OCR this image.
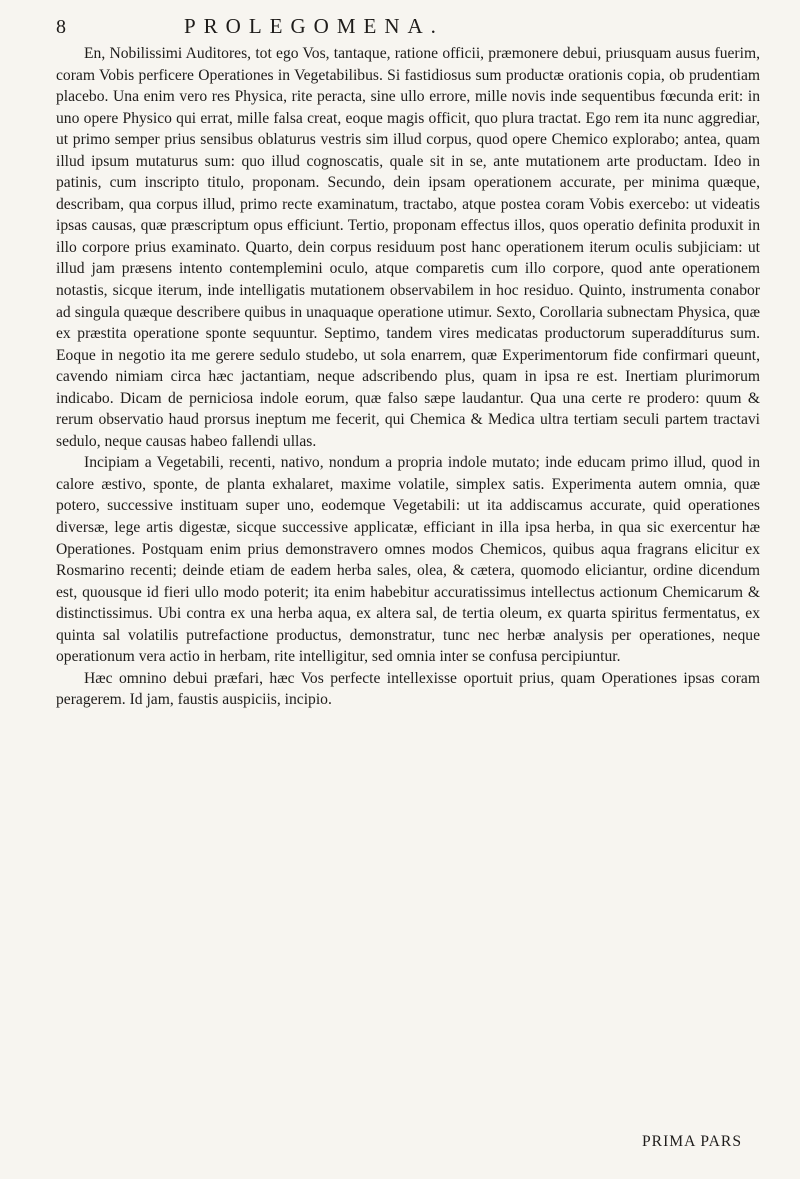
8	PROLEGOMENA.

En, Nobilissimi Auditores, tot ego Vos, tantaque, ratione officii, præmonere debui, priusquam ausus fuerim, coram Vobis perficere Operationes in Vegetabilibus. Si fastidiosus sum productæ orationis copia, ob prudentiam placebo. Una enim vero res Physica, rite peracta, sine ullo errore, mille novis inde sequentibus fœcunda erit: in uno opere Physico qui errat, mille falsa creat, eoque magis officit, quo plura tractat. Ego rem ita nunc aggrediar, ut primo semper prius sensibus oblaturus vestris sim illud corpus, quod opere Chemico explorabo; antea, quam illud ipsum mutaturus sum: quo illud cognoscatis, quale sit in se, ante mutationem arte productam. Ideo in patinis, cum inscripto titulo, proponam. Secundo, dein ipsam operationem accurate, per minima quæque, describam, qua corpus illud, primo recte examinatum, tractabo, atque postea coram Vobis exercebo: ut videatis ipsas causas, quæ præscriptum opus efficiunt. Tertio, proponam effectus illos, quos operatio definita produxit in illo corpore prius examinato. Quarto, dein corpus residuum post hanc operationem iterum oculis subjiciam: ut illud jam præsens intento contemplemini oculo, atque comparetis cum illo corpore, quod ante operationem notastis, sicque iterum, inde intelligatis mutationem observabilem in hoc residuo. Quinto, instrumenta conabor ad singula quæque describere quibus in unaquaque operatione utimur. Sexto, Corollaria subnectam Physica, quæ ex præstita operatione sponte sequuntur. Septimo, tandem vires medicatas productorum superaddíturus sum. Eoque in negotio ita me gerere sedulo studebo, ut sola enarrem, quæ Experimentorum fide confirmari queunt, cavendo nimiam circa hæc jactantiam, neque adscribendo plus, quam in ipsa re est. Inertiam plurimorum indicabo. Dicam de perniciosa indole eorum, quæ falso sæpe laudantur. Qua una certe re prodero: quum & rerum observatio haud prorsus ineptum me fecerit, qui Chemica & Medica ultra tertiam seculi partem tractavi sedulo, neque causas habeo fallendi ullas.

Incipiam a Vegetabili, recenti, nativo, nondum a propria indole mutato; inde educam primo illud, quod in calore æstivo, sponte, de planta exhalaret, maxime volatile, simplex satis. Experimenta autem omnia, quæ potero, successive instituam super uno, eodemque Vegetabili: ut ita addiscamus accurate, quid operationes diversæ, lege artis digestæ, sicque successive applicatæ, efficiant in illa ipsa herba, in qua sic exercentur hæ Operationes. Postquam enim prius demonstravero omnes modos Chemicos, quibus aqua fragrans elicitur ex Rosmarino recenti; deinde etiam de eadem herba sales, olea, & cætera, quomodo eliciantur, ordine dicendum est, quousque id fieri ullo modo poterit; ita enim habebitur accuratissimus intellectus actionum Chemicarum & distinctissimus. Ubi contra ex una herba aqua, ex altera sal, de tertia oleum, ex quarta spiritus fermentatus, ex quinta sal volatilis putrefactione productus, demonstratur, tunc nec herbæ analysis per operationes, neque operationum vera actio in herbam, rite intelligitur, sed omnia inter se confusa percipiuntur.

Hæc omnino debui præfari, hæc Vos perfecte intellexisse oportuit prius, quam Operationes ipsas coram peragerem. Id jam, faustis auspiciis, incipio.

PRIMA PARS
